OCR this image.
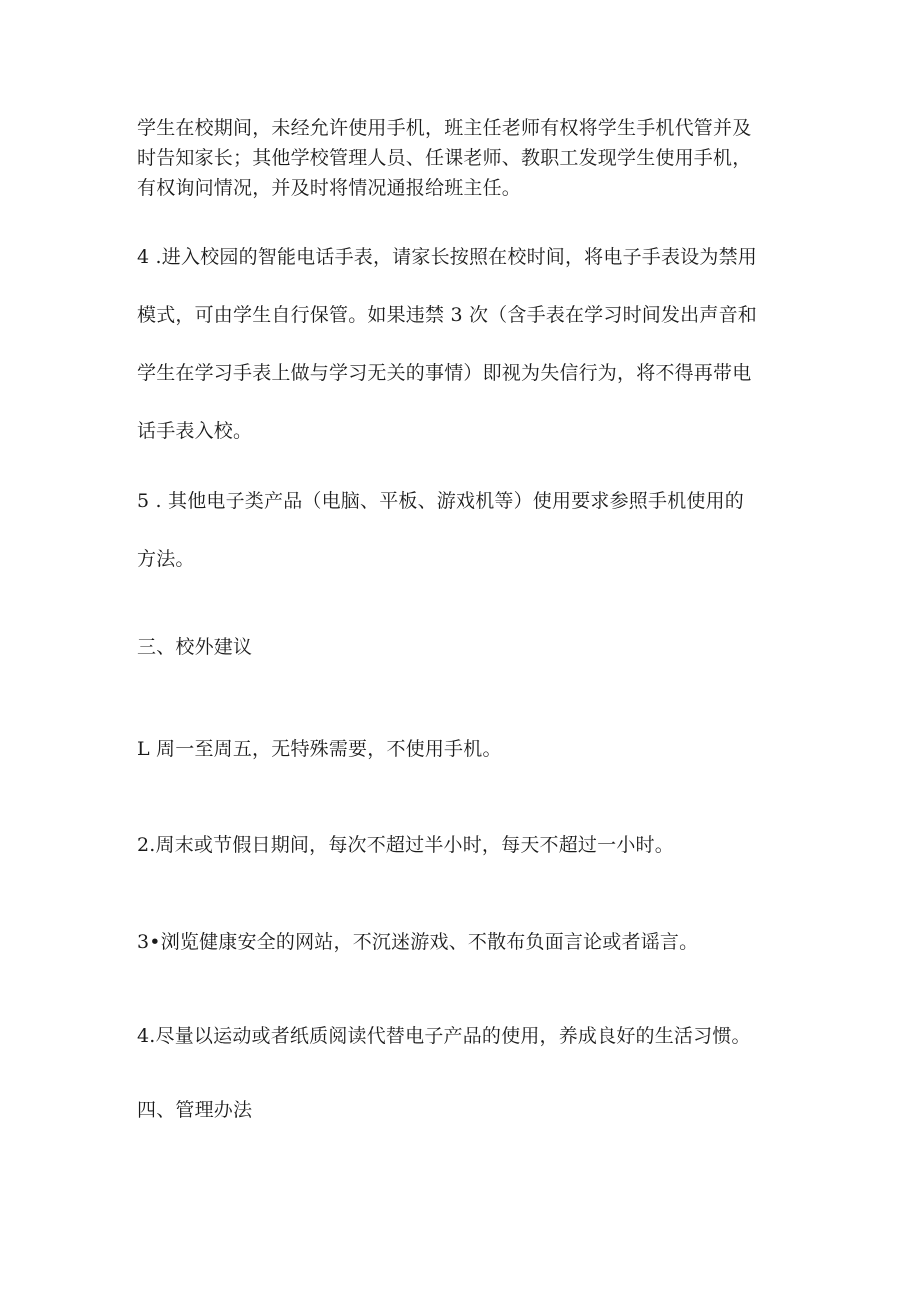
学生在校期间，未经允许使用手机，班主任老师有权将学生手机代管并及
时告知家长；其他学校管理人员、任课老师、教职工发现学生使用手机，
有权询问情况，并及时将情况通报给班主任。
4 .进入校园的智能电话手表，请家长按照在校时间，将电子手表设为禁用
模式，可由学生自行保管。如果违禁 3 次（含手表在学习时间发出声音和
学生在学习手表上做与学习无关的事情）即视为失信行为，将不得再带电
话手表入校。
5 . 其他电子类产品（电脑、平板、游戏机等）使用要求参照手机使用的
方法。
三、校外建议
L 周一至周五，无特殊需要，不使用手机。
2.周末或节假日期间，每次不超过半小时，每天不超过一小时。
3•浏览健康安全的网站，不沉迷游戏、不散布负面言论或者谣言。
4.尽量以运动或者纸质阅读代替电子产品的使用，养成良好的生活习惯。
四、管理办法
